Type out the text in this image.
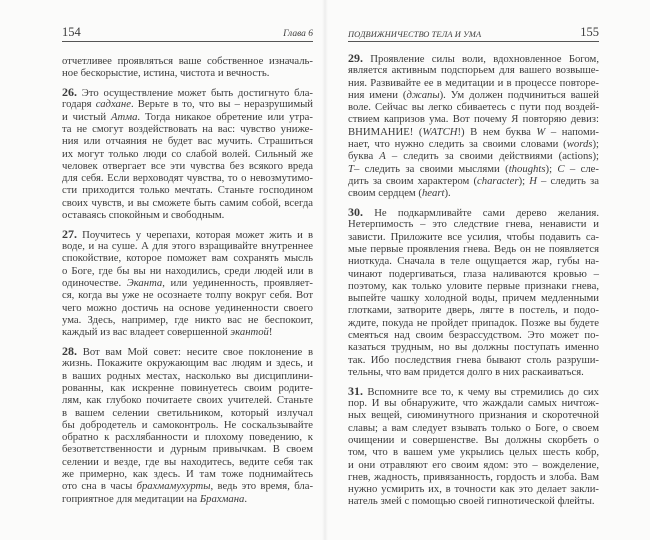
154	Глава 6
отчетливее проявляться ваше собственное изначаль-
ное бескорыстие, истина, чистота и вечность.
26. Это осуществление может быть достигнуто бла-
годаря садхане. Верьте в то, что вы – неразрушимый
и чистый Атма. Тогда никакое обретение или утра-
та не смогут воздействовать на вас: чувство униже-
ния или отчаяния не будет вас мучить. Страшиться
их могут только люди со слабой волей. Сильный же
человек отвергает все эти чувства без всякого вреда
для себя. Если верховодят чувства, то о невозмутимо-
сти приходится только мечтать. Станьте господином
своих чувств, и вы сможете быть самим собой, всегда
оставаясь спокойным и свободным.
27. Поучитесь у черепахи, которая может жить и в
воде, и на суше. А для этого взращивайте внутреннее
спокойствие, которое поможет вам сохранять мысль
о Боге, где бы вы ни находились, среди людей или в
одиночестве. Эканта, или уединенность, проявляет-
ся, когда вы уже не осознаете толпу вокруг себя. Вот
чего можно достичь на основе уединенности своего
ума. Здесь, например, где никто вас не беспокоит,
каждый из вас владеет совершенной экантой!
28. Вот вам Мой совет: несите свое поклонение в
жизнь. Покажите окружающим вас людям и здесь, и
в ваших родных местах, насколько вы дисциплини-
рованны, как искренне повинуетесь своим родите-
лям, как глубоко почитаете своих учителей. Станьте
в вашем селении светильником, который излучал
бы добродетель и самоконтроль. Не соскальзывайте
обратно к расхлябанности и плохому поведению, к
безответственности и дурным привычкам. В своем
селении и везде, где вы находитесь, ведите себя так
же примерно, как здесь. И там тоже поднимайтесь
ото сна в часы брахмамухурты, ведь это время, бла-
гоприятное для медитации на Брахмана.
ПОДВИЖНИЧЕСТВО ТЕЛА И УМА	155
29. Проявление силы воли, вдохновленное Богом,
является активным подспорьем для вашего возвыше-
ния. Развивайте ее в медитации и в процессе повторе-
ния имени (джапы). Ум должен подчиниться вашей
воле. Сейчас вы легко сбиваетесь с пути под воздей-
ствием капризов ума. Вот почему Я повторяю девиз:
ВНИМАНИЕ! (WATCH!) В нем буква W – напоми-
нает, что нужно следить за своими словами (words);
буква A – следить за своими действиями (actions);
T– следить за своими мыслями (thoughts); C – сле-
дить за своим характером (character); H – следить за
своим сердцем (heart).
30. Не подкармливайте сами дерево желания.
Нетерпимость – это следствие гнева, ненависти и
зависти. Приложите все усилия, чтобы подавить са-
мые первые проявления гнева. Ведь он не появляется
ниоткуда. Сначала в теле ощущается жар, губы на-
чинают подергиваться, глаза наливаются кровью –
поэтому, как только уловите первые признаки гнева,
выпейте чашку холодной воды, причем медленными
глотками, затворите дверь, лягте в постель, и подо-
ждите, покуда не пройдет припадок. Позже вы будете
смеяться над своим безрассудством. Это может по-
казаться трудным, но вы должны поступать именно
так. Ибо последствия гнева бывают столь разруши-
тельны, что вам придется долго в них раскаиваться.
31. Вспомните все то, к чему вы стремились до сих
пор. И вы обнаружите, что жаждали самых ничтож-
ных вещей, сиюминутного признания и скоротечной
славы; а вам следует взывать только о Боге, о своем
очищении и совершенстве. Вы должны скорбеть о
том, что в вашем уме укрылись целых шесть кобр,
и они отравляют его своим ядом: это – вожделение,
гнев, жадность, привязанность, гордость и злоба. Вам
нужно усмирить их, в точности как это делает закли-
натель змей с помощью своей гипнотической флейты.
